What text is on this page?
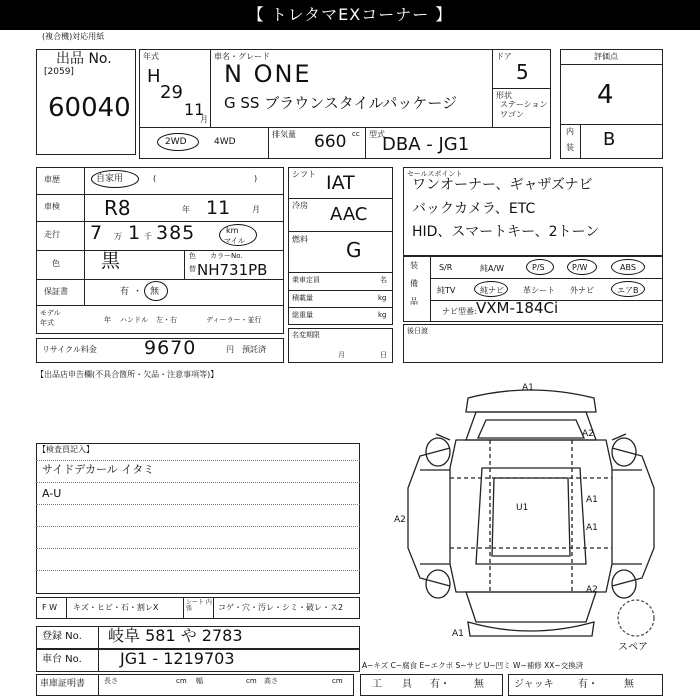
【 トレタマEXコーナー 】
(複合機)対応用紙
出品 No.
[2059]
60040
年式
H
29
11
月
車名・グレード
N ONE
G SS ブラウンスタイルパッケージ
ドア
5
形状
ステーションワゴン
2WD	4WD
排気量 660 cc 型式
DBA - JG1
評価点
4
内
装 B
車歴	自家用	(	)
車検 R8	年 11	月
走行 7 万 1 千 385	km
マイル
色 黒	色
替
カラーNo.
NH731PB
保証書	有 ・ 無
モデル
年式	年 ハンドル 左・右	ディーラー・並行
リサイクル料金 9670	円 預託済
シフト IAT
冷房 AAC
燃料 G
乗車定員	名
積載量	kg
総重量	kg
名変期限
月	日
セールスポイント
ワンオーナー、ギャザズナビ
バックカメラ、ETC
HID、スマートキー、2トーン
装
備
品
S/R	純A/W	P/S	P/W	ABS
純TV	純ナビ 革シート 外ナビ	エアB
ナビ型番: VXM-184Ci
後日渡
【出品店申告欄(不具合箇所・欠品・注意事項等)】
【検査員記入】
サイドデカール イタミ
A-U
F W キズ・ヒビ・石・割レX
シート 内張	コゲ・穴・汚レ・シミ・破レ・ス2
登録 No. 岐阜 581 や 2783
車台 No. JG1 - 1219703
車庫証明書	長さ	cm 幅	cm 高さ	cm
A~キズ C~腐食 E~エクボ S~サビ U~凹ミ W~補修 XX~交換済
工　　具 有・ 無	ジャッキ 有・	無
A1
A2
A1
U1
A2
A1
A2
A1
スペア
